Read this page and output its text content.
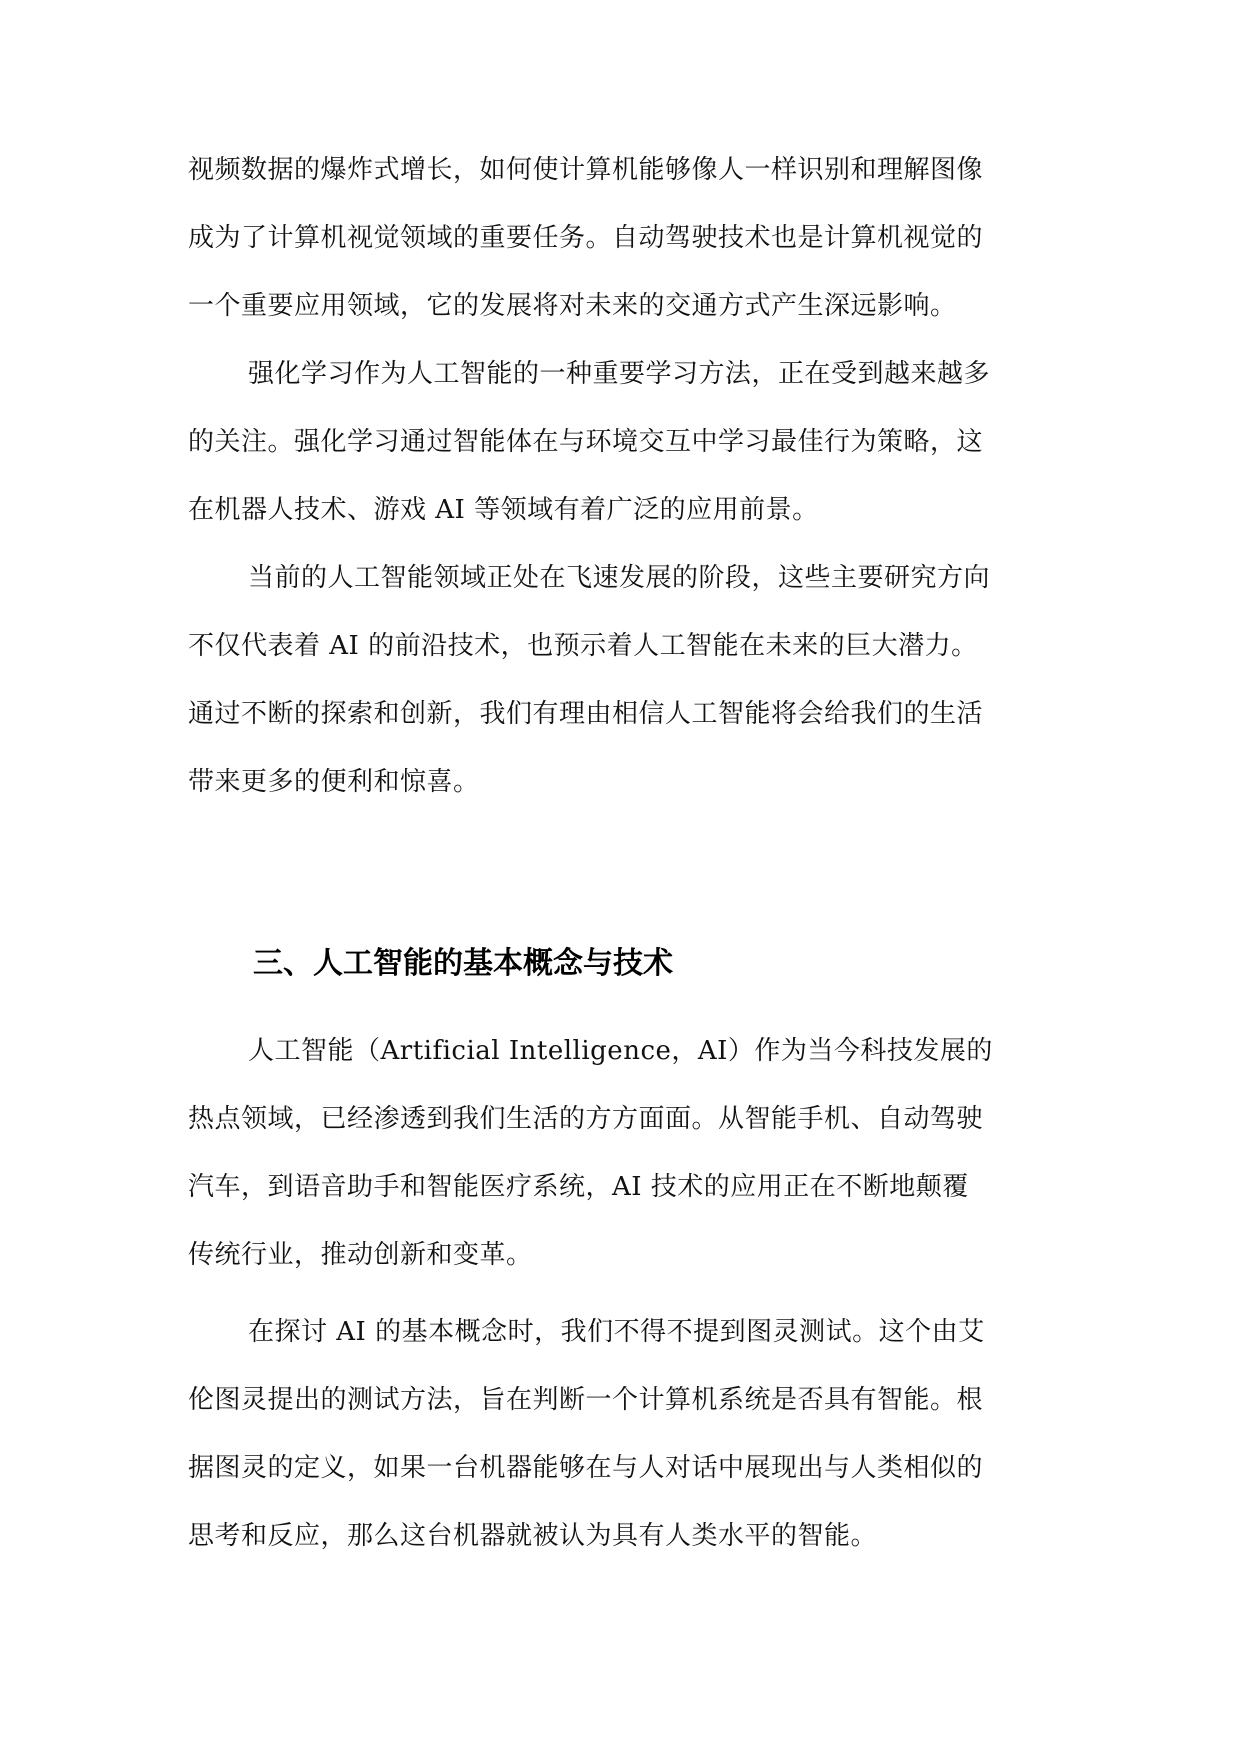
视频数据的爆炸式增长，如何使计算机能够像人一样识别和理解图像
成为了计算机视觉领域的重要任务。自动驾驶技术也是计算机视觉的
一个重要应用领域，它的发展将对未来的交通方式产生深远影响。
强化学习作为人工智能的一种重要学习方法，正在受到越来越多
的关注。强化学习通过智能体在与环境交互中学习最佳行为策略，这
在机器人技术、游戏 AI 等领域有着广泛的应用前景。
当前的人工智能领域正处在飞速发展的阶段，这些主要研究方向
不仅代表着 AI 的前沿技术，也预示着人工智能在未来的巨大潜力。
通过不断的探索和创新，我们有理由相信人工智能将会给我们的生活
带来更多的便利和惊喜。
三、人工智能的基本概念与技术
人工智能（Artificial Intelligence，AI）作为当今科技发展的
热点领域，已经渗透到我们生活的方方面面。从智能手机、自动驾驶
汽车，到语音助手和智能医疗系统，AI 技术的应用正在不断地颠覆
传统行业，推动创新和变革。
在探讨 AI 的基本概念时，我们不得不提到图灵测试。这个由艾
伦图灵提出的测试方法，旨在判断一个计算机系统是否具有智能。根
据图灵的定义，如果一台机器能够在与人对话中展现出与人类相似的
思考和反应，那么这台机器就被认为具有人类水平的智能。
